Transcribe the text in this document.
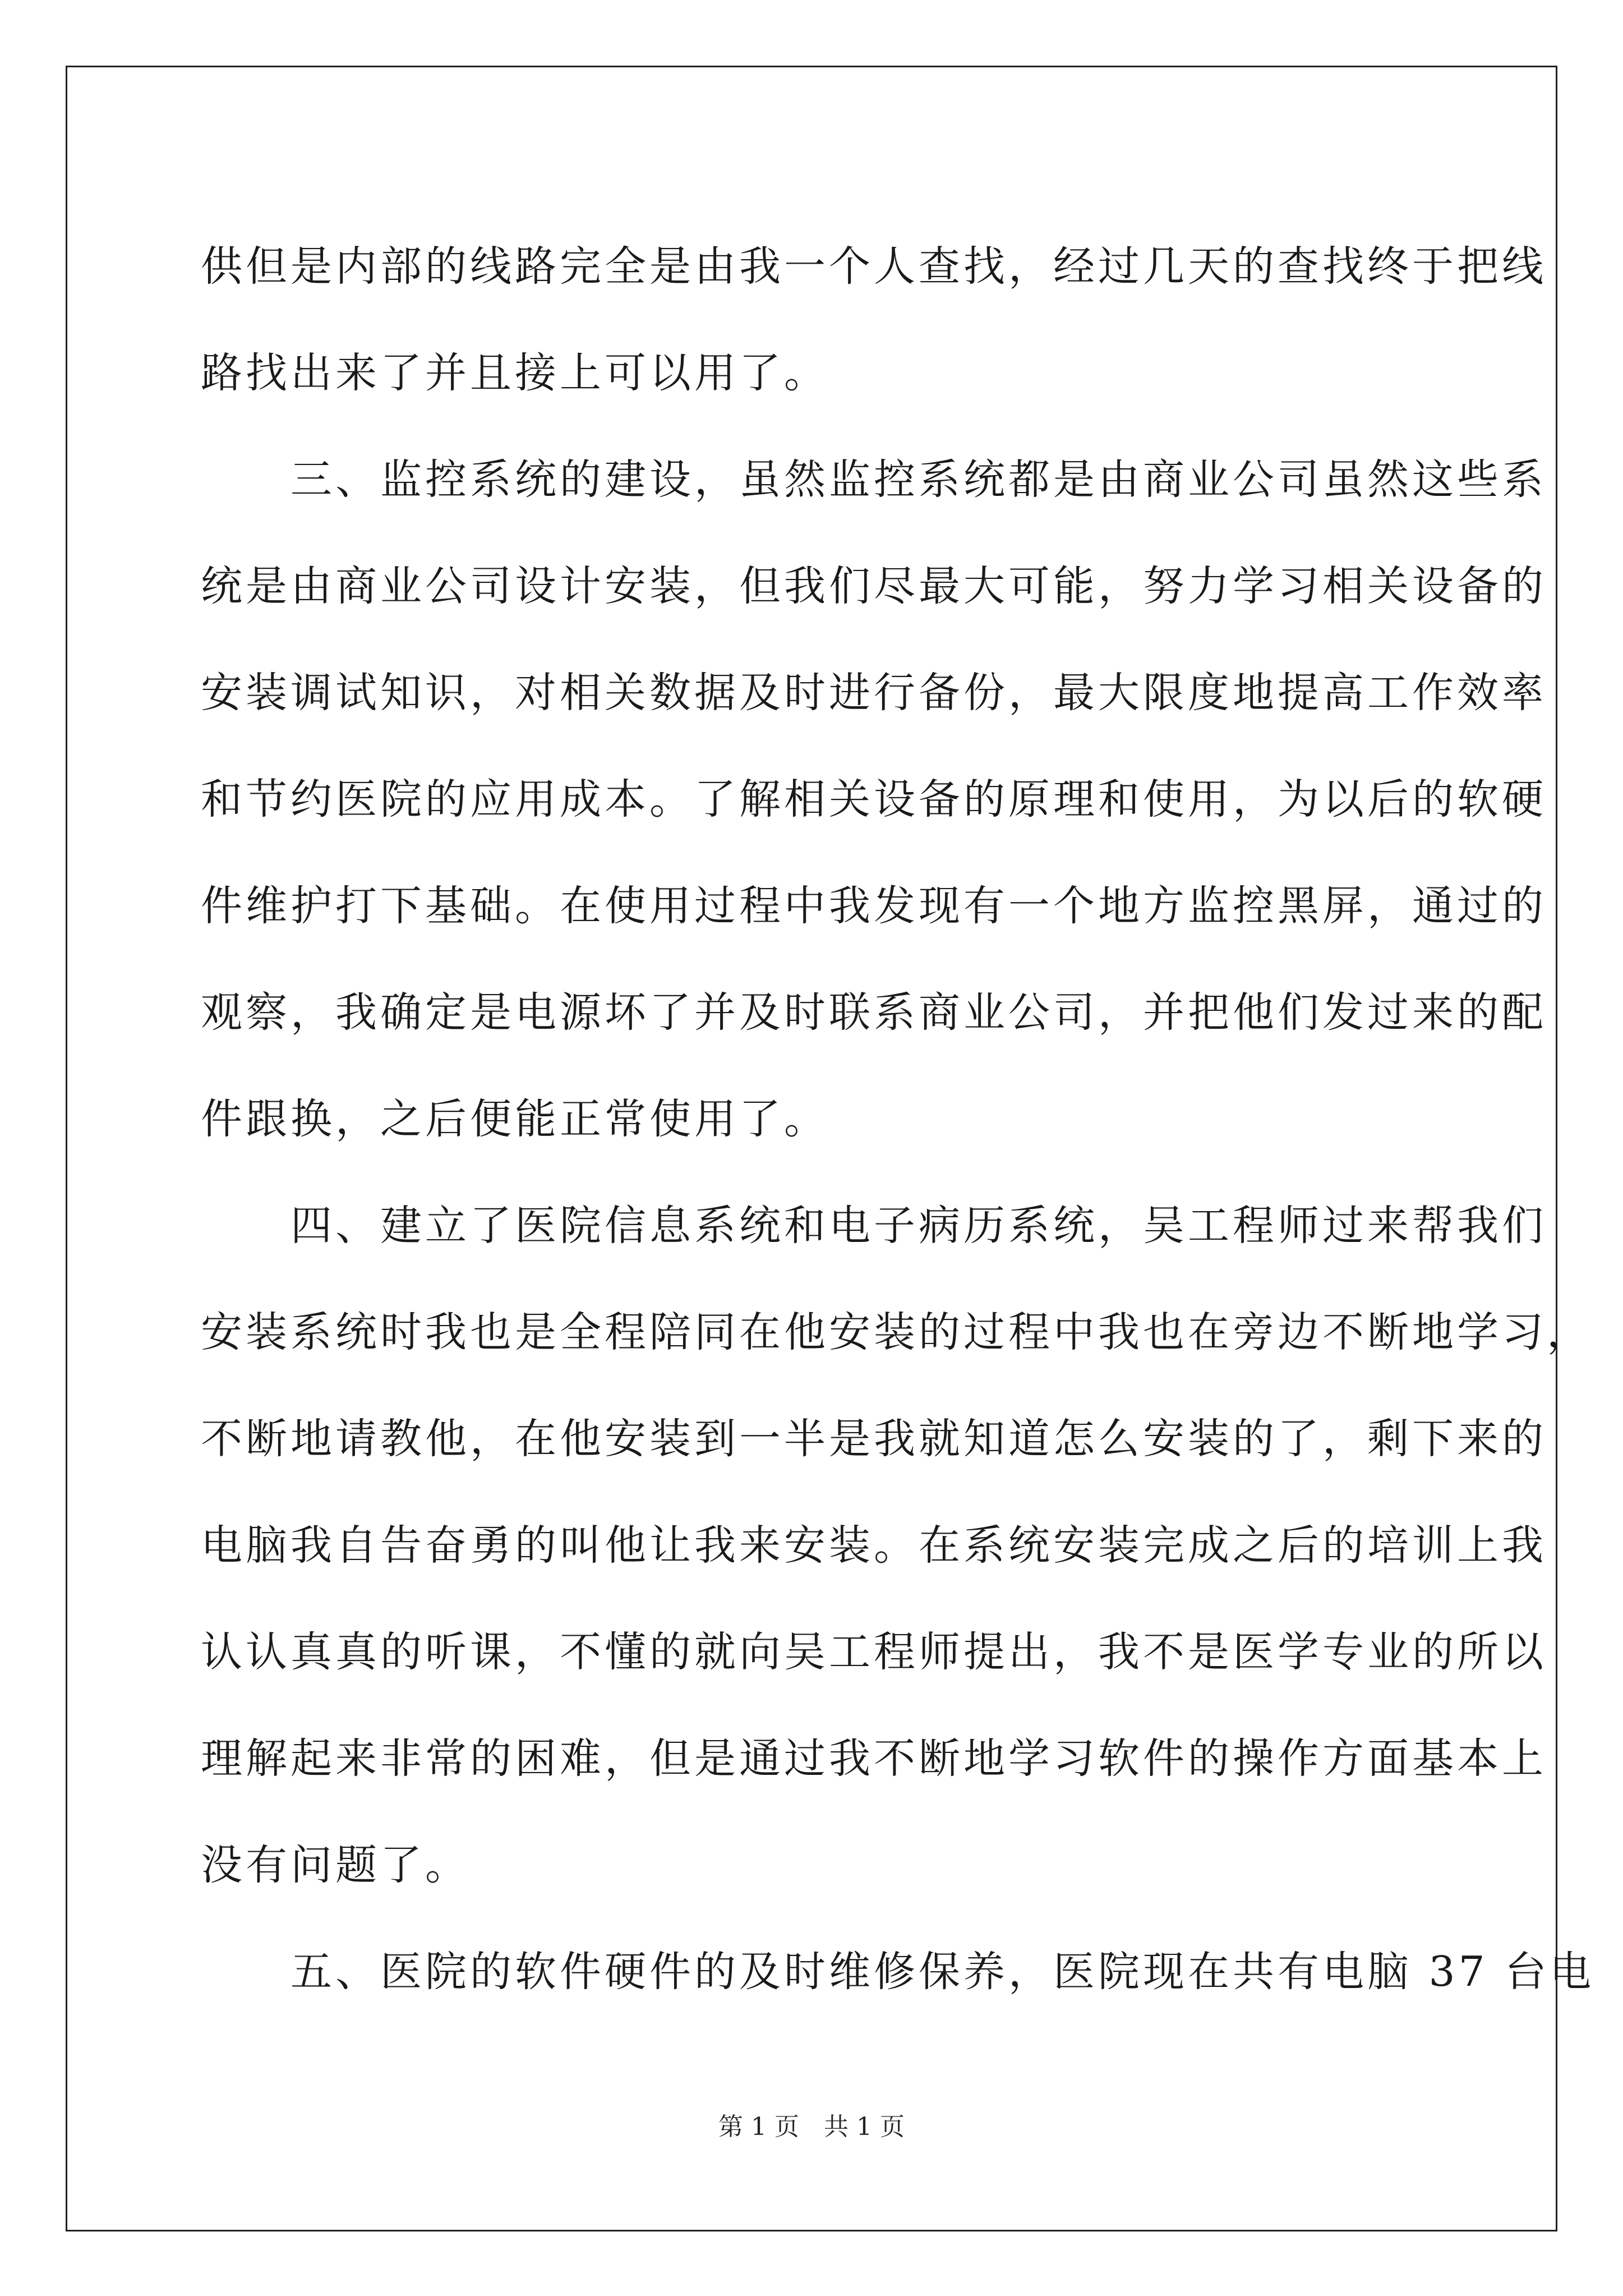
供但是内部的线路完全是由我一个人查找，经过几天的查找终于把线
路找出来了并且接上可以用了。
　　三、监控系统的建设，虽然监控系统都是由商业公司虽然这些系
统是由商业公司设计安装，但我们尽最大可能，努力学习相关设备的
安装调试知识，对相关数据及时进行备份，最大限度地提高工作效率
和节约医院的应用成本。了解相关设备的原理和使用，为以后的软硬
件维护打下基础。在使用过程中我发现有一个地方监控黑屏，通过的
观察，我确定是电源坏了并及时联系商业公司，并把他们发过来的配
件跟换，之后便能正常使用了。
　　四、建立了医院信息系统和电子病历系统，吴工程师过来帮我们
安装系统时我也是全程陪同在他安装的过程中我也在旁边不断地学习，
不断地请教他，在他安装到一半是我就知道怎么安装的了，剩下来的
电脑我自告奋勇的叫他让我来安装。在系统安装完成之后的培训上我
认认真真的听课，不懂的就向吴工程师提出，我不是医学专业的所以
理解起来非常的困难，但是通过我不断地学习软件的操作方面基本上
没有问题了。
　　五、医院的软件硬件的及时维修保养，医院现在共有电脑 37 台电
第 1 页　共 1 页
